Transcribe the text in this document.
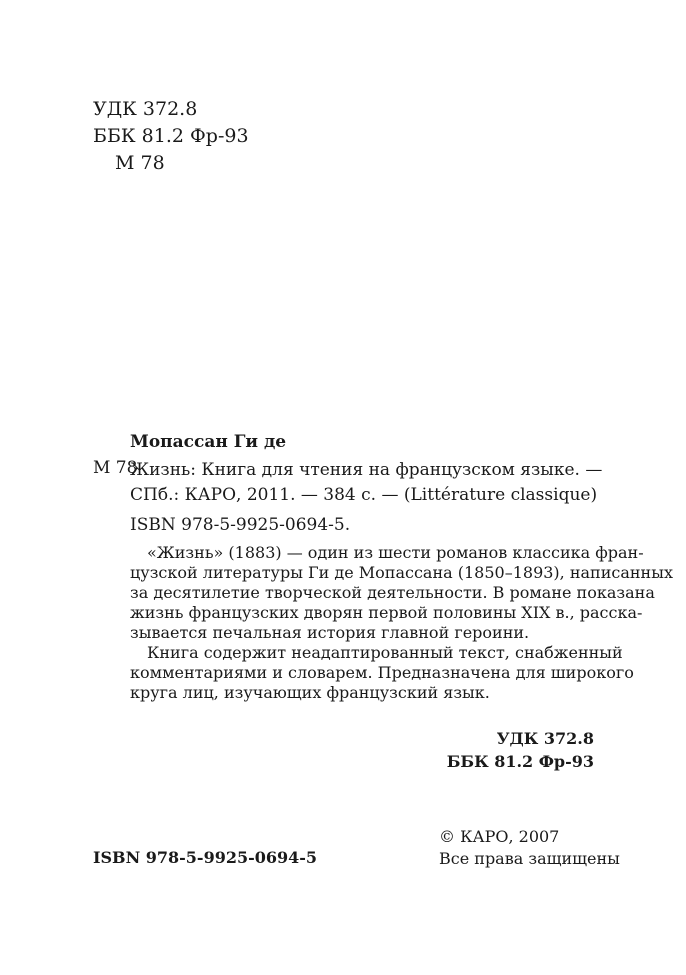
УДК 372.8
ББК 81.2 Фр-93
М 78
Мопассан Ги де
М 78
Жизнь: Книга для чтения на французском языке. —
СПб.: КАРО, 2011. — 384 с. — (Littérature classique)
ISBN 978-5-9925-0694-5.
«Жизнь» (1883) — один из шести романов классика фран-
цузской литературы Ги де Мопассана (1850–1893), написанных
за десятилетие творческой деятельности. В романе показана
жизнь французских дворян первой половины XIX в., расска-
зывается печальная история главной героини.
Книга содержит неадаптированный текст, снабженный
комментариями и словарем. Предназначена для широкого
круга лиц, изучающих французский язык.
УДК 372.8
ББК 81.2 Фр-93
© КАРО, 2007
Все права защищены
ISBN 978-5-9925-0694-5
